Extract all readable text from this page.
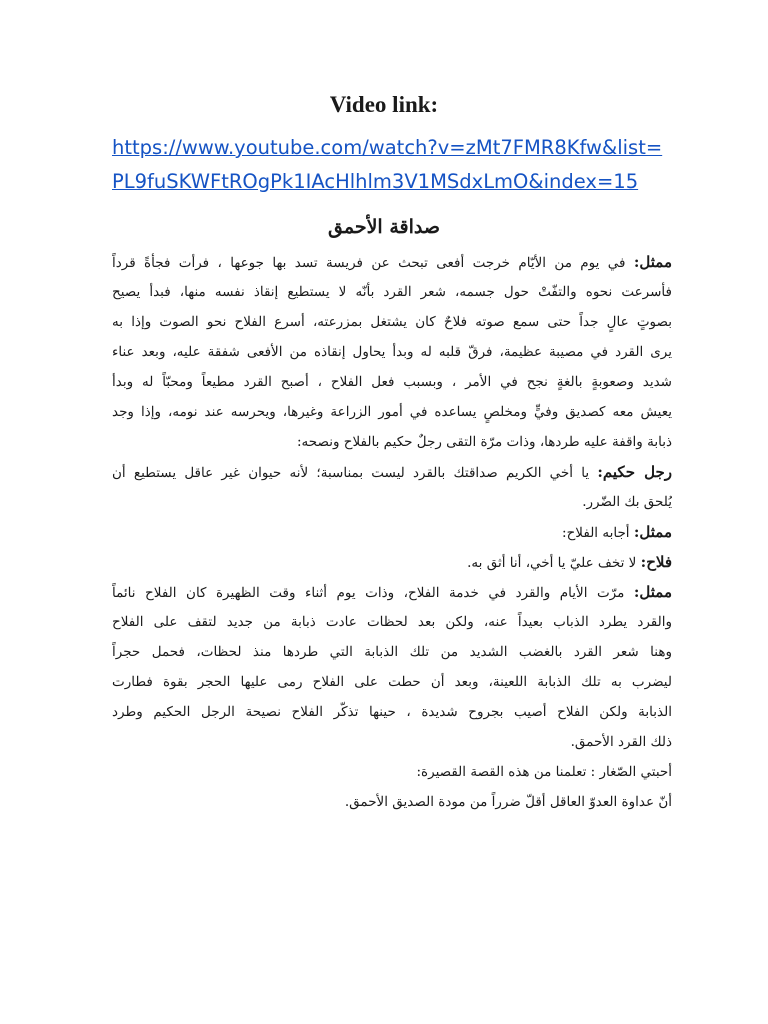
Video link:
https://www.youtube.com/watch?v=zMt7FMR8Kfw&list=
PL9fuSKWFtROgPk1IAcHlhlm3V1MSdxLmO&index=15
صداقة الأحمق
ممثل: في يوم من الأيّام خرجت أفعى تبحث عن فريسة تسد بها جوعها ، فرأت فجأةً قرداً
فأسرعت نحوه والتفّتْ حول جسمه، شعر القرد بأنّه لا يستطيع إنقاذ نفسه منها، فبدأ يصيح
بصوتٍ عالٍ جداً حتى سمع صوته فلاحٌ كان يشتغل بمزرعته، أسرع الفلاح نحو الصوت وإذا به
يرى القرد في مصيبة عظيمة، فرقّ قلبه له وبدأ يحاول إنقاذه من الأفعى شفقة عليه، وبعد عناء
شديد وصعوبةٍ بالغةٍ نجح في الأمر ، وبسبب فعل الفلاح ، أصبح القرد مطيعاً ومحبّاً له وبدأ
يعيش معه كصديق وفيٍّ ومخلصٍ يساعده في أمور الزراعة وغيرها، ويحرسه عند نومه، وإذا وجد
ذبابة واقفة عليه طردها، وذات مرّة التقى رجلٌ حكيم بالفلاح ونصحه:
رجل حكيم: يا أخي الكريم صداقتك بالقرد ليست بمناسبة؛ لأنه حيوان غير عاقل يستطيع أن
يُلحق بك الضّرر.
ممثل: أجابه الفلاح:
فلاح: لا تخف عليّ يا أخي، أنا أثق به.
ممثل: مرّت الأيام والقرد في خدمة الفلاح، وذات يوم أثناء وقت الظهيرة كان الفلاح نائماً
والقرد يطرد الذباب بعيداً عنه، ولكن بعد لحظات عادت ذبابة من جديد لتقف على الفلاح
وهنا شعر القرد بالغضب الشديد من تلك الذبابة التي طردها منذ لحظات، فحمل حجراً
ليضرب به تلك الذبابة اللعينة، وبعد أن حطت على الفلاح رمى عليها الحجر بقوة فطارت
الذبابة ولكن الفلاح أصيب بجروح شديدة ، حينها تذكّر الفلاح نصيحة الرجل الحكيم وطرد
ذلك القرد الأحمق.
أحبتي الصّغار : تعلمنا من هذه القصة القصيرة:
أنّ عداوة العدوّ العاقل أقلّ ضرراً من مودة الصديق الأحمق.
